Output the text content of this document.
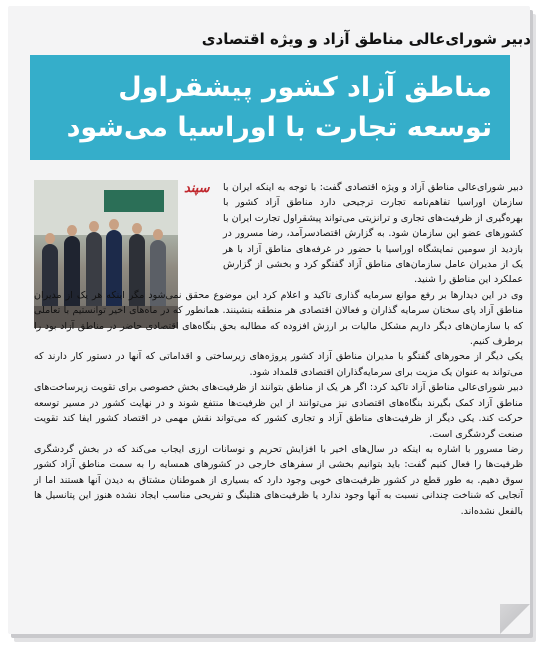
دبیر شورای‌عالی مناطق آزاد و ویژه اقتصادی
مناطق آزاد کشور پیشقراول
توسعه تجارت با اوراسیا می‌شود
سپند دبیر شورای‌عالی مناطق آزاد و ویژه اقتصادی گفت: با توجه به اینکه ایران با سازمان اوراسیا تفاهم‌نامه تجارت ترجیحی دارد مناطق آزاد کشور با بهره‌گیری از ظرفیت‌های تجاری و ترانزیتی می‌تواند پیشقراول تجارت ایران با کشورهای عضو این سازمان شود. به گزارش اقتصادسرآمد، رضا مسرور در بازدید از سومین نمایشگاه اوراسیا با حضور در غرفه‌های مناطق آزاد با هر یک از مدیران عامل سازمان‌های مناطق آزاد گفتگو کرد و بخشی از گزارش عملکرد این مناطق را شنید.

وی در این دیدارها بر رفع موانع سرمایه گذاری تاکید و اعلام کرد این موضوع محقق نمی‌شود مگر اینکه هر یک از مدیران مناطق آزاد پای سخنان سرمایه گذاران و فعالان اقتصادی هر منطقه بنشینند. همانطور که در ماه‌های اخیر توانستیم با تعاملی که با سازمان‌های دیگر داریم مشکل مالیات بر ارزش افزوده که مطالبه بحق بنگاه‌های اقتصادی حاضر در مناطق آزاد بود را برطرف کنیم.

یکی دیگر از محورهای گفتگو با مدیران مناطق آزاد کشور پروژه‌های زیرساختی و اقداماتی که آنها در دستور کار دارند که می‌تواند به عنوان یک مزیت برای سرمایه‌گذاران اقتصادی قلمداد شود.

دبیر شورای‌عالی مناطق آزاد تاکید کرد: اگر هر یک از مناطق بتوانند از ظرفیت‌های بخش خصوصی برای تقویت زیرساخت‌های مناطق آزاد کمک بگیرند بنگاه‌های اقتصادی نیز می‌توانند از این ظرفیت‌ها منتفع شوند و در نهایت کشور در مسیر توسعه حرکت کند. یکی دیگر از ظرفیت‌های مناطق آزاد و تجاری کشور که می‌تواند نقش مهمی در اقتصاد کشور ایفا کند تقویت صنعت گردشگری است.

رضا مسرور با اشاره به اینکه در سال‌های اخیر با افزایش تحریم و نوسانات ارزی ایجاب می‌کند که در بخش گردشگری ظرفیت‌ها را فعال کنیم گفت: باید بتوانیم بخشی از سفرهای خارجی در کشورهای همسایه را به سمت مناطق آزاد کشور سوق دهیم. به طور قطع در کشور ظرفیت‌های خوبی وجود دارد که بسیاری از هموطنان مشتاق به دیدن آنها هستند اما از آنجایی که شناخت چندانی نسبت به آنها وجود ندارد یا ظرفیت‌های هتلینگ و تفریحی مناسب ایجاد نشده هنوز این پتانسیل ها بالفعل نشده‌اند.
